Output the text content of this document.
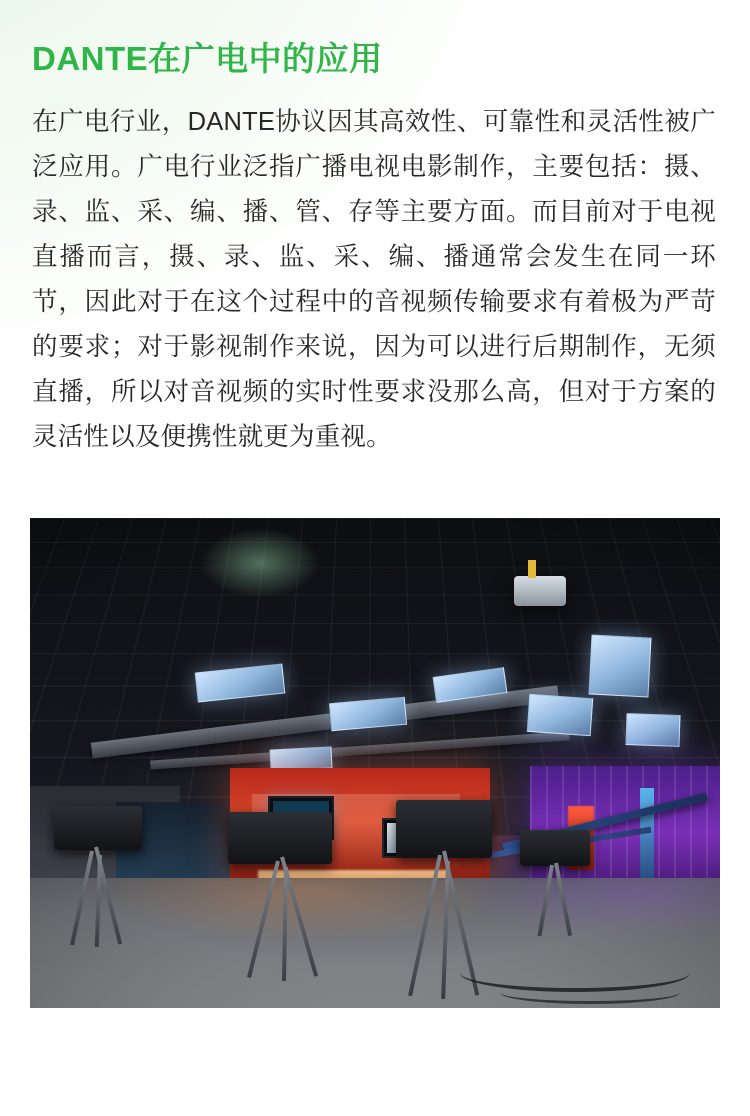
DANTE在广电中的应用

在广电行业，DANTE协议因其高效性、可靠性和灵活性被广泛应用。广电行业泛指广播电视电影制作，主要包括：摄、录、监、采、编、播、管、存等主要方面。而目前对于电视直播而言，摄、录、监、采、编、播通常会发生在同一环节，因此对于在这个过程中的音视频传输要求有着极为严苛的要求；对于影视制作来说，因为可以进行后期制作，无须直播，所以对音视频的实时性要求没那么高，但对于方案的灵活性以及便携性就更为重视。
